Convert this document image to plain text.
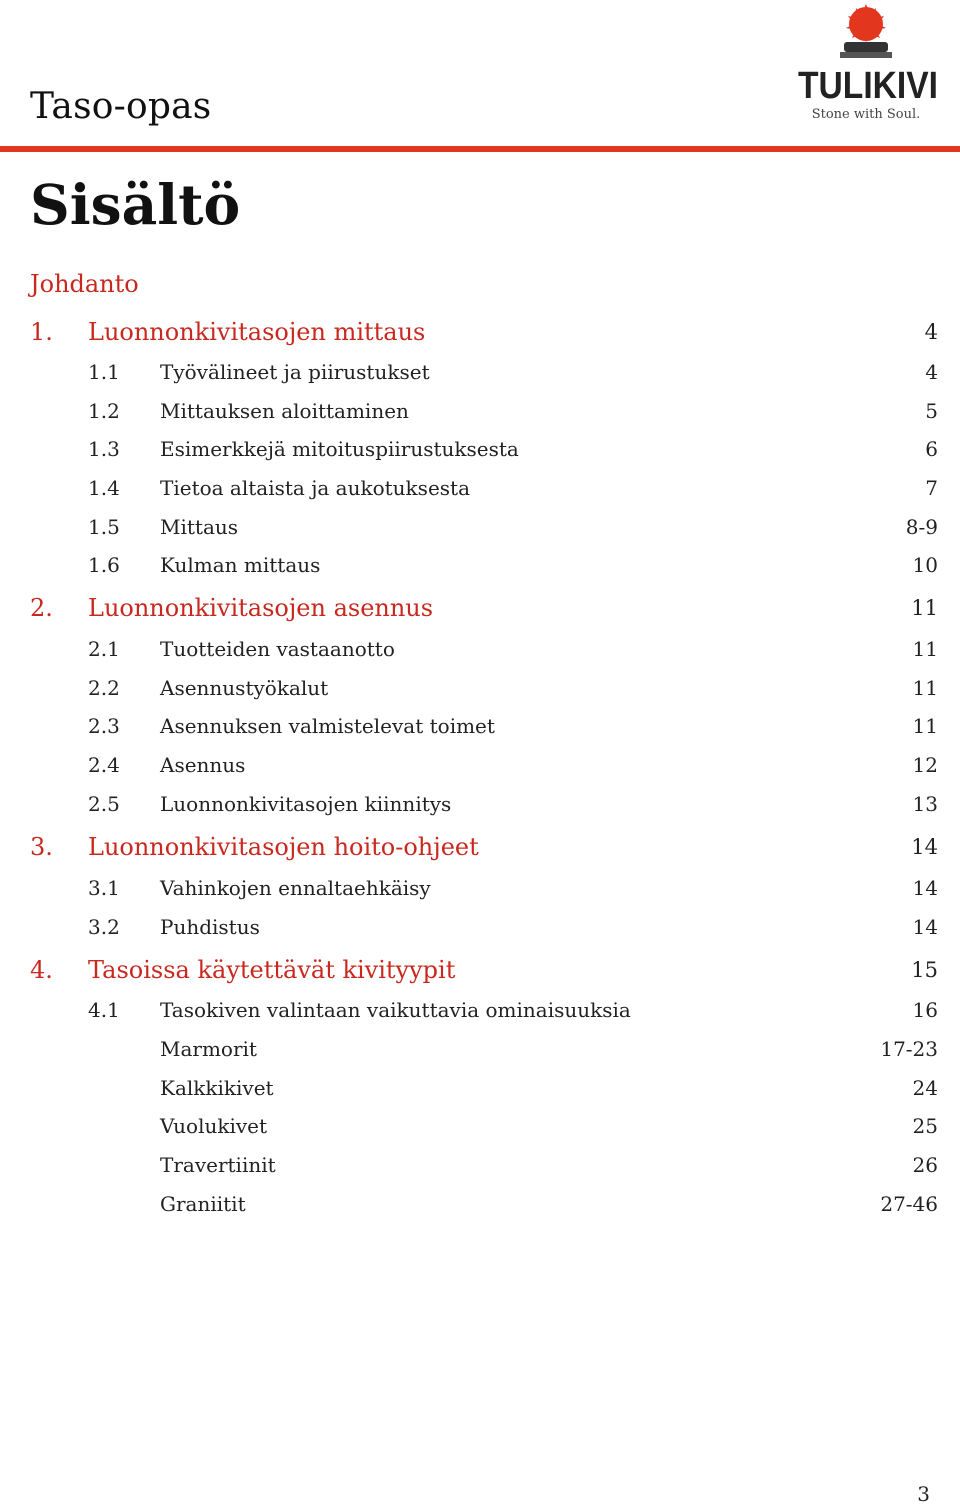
Taso-opas	TULIKIVI
Stone with Soul.
Sisältö
Johdanto
1. Luonnonkivitasojen mittaus	4
1.1 Työvälineet ja piirustukset	4
1.2 Mittauksen aloittaminen	5
1.3 Esimerkkejä mitoituspiirustuksesta	6
1.4 Tietoa altaista ja aukotuksesta	7
1.5 Mittaus	8-9
1.6 Kulman mittaus	10
2. Luonnonkivitasojen asennus	11
2.1 Tuotteiden vastaanotto	11
2.2 Asennustyökalut	11
2.3 Asennuksen valmistelevat toimet	11
2.4 Asennus	12
2.5 Luonnonkivitasojen kiinnitys	13
3. Luonnonkivitasojen hoito-ohjeet	14
3.1 Vahinkojen ennaltaehkäisy	14
3.2 Puhdistus	14
4. Tasoissa käytettävät kivityypit	15
4.1 Tasokiven valintaan vaikuttavia ominaisuuksia	16
Marmorit	17-23
Kalkkikivet	24
Vuolukivet	25
Travertiinit	26
Graniitit	27-46
3
